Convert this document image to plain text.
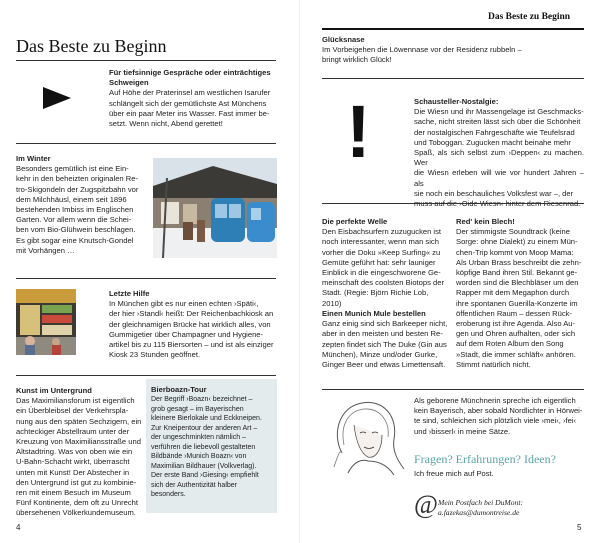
Das Beste zu Beginn
Für tiefsinnige Gespräche oder einträchtiges Schweigen
Auf Höhe der Praterinsel am westlichen Isarufer
schlängelt sich der gemütlichste Ast Münchens
über ein paar Meter ins Wasser. Fast immer be-
setzt. Wenn nicht, Abend gerettet!
Im Winter
Besonders gemütlich ist eine Ein-
kehr in den beheizten originalen Re-
tro-Skigondeln der Zugspitzbahn vor
dem Milchhäusl, einem seit 1896
bestehenden Imbiss im Englischen
Garten. Vor allem wenn die Schei-
ben vom Bio-Glühwein beschlagen.
Es gibt sogar eine Knutsch-Gondel
mit Vorhängen …
Letzte Hilfe
In München gibt es nur einen echten ›Späti‹,
der hier ›Standl‹ heißt: Der Reichenbachkiosk an
der gleichnamigen Brücke hat wirklich alles, von
Gummigetier über Champagner und Hygiene-
artikel bis zu 115 Biersorten – und ist als einziger
Kiosk 23 Stunden geöffnet.
Kunst im Untergrund
Das Maximiliansforum ist eigentlich
ein Überbleibsel der Verkehrspla-
nung aus den späten Sechzigern, ein
achteckiger Abstellraum unter der
Kreuzung von Maximiliansstraße und
Altstadtring. Was von oben wie ein
U-Bahn-Schacht wirkt, überrascht
unten mit Kunst! Der Abstecher in
den Untergrund ist gut zu kombinie-
ren mit einem Besuch im Museum
Fünf Kontinente, dem oft zu Unrecht
übersehenen Völkerkundemuseum.
Bierboazn-Tour
Der Begriff ›Boazn‹ bezeichnet –
grob gesagt – im Bayerischen
kleinere Bierlokale und Eckkneipen.
Zur Kneipentour der anderen Art –
der ungeschminkten nämlich –
verführen die liebevoll gestalteten
Bildbände ›Munich Boazn‹ von
Maximilian Bildhauer (Volkverlag).
Der erste Band ›Giesing‹ empfiehlt
sich der Authentizität halber
besonders.
4
Das Beste zu Beginn
Glücksnase
Im Vorbeigehen die Löwennase vor der Residenz rubbeln –
bringt wirklich Glück!
!	Schausteller-Nostalgie:
Die Wiesn und ihr Massengelage ist Geschmacks-
sache, nicht streiten lässt sich über die Schönheit
der nostalgischen Fahrgeschäfte wie Teufelsrad
und Toboggan. Zugucken macht beinahe mehr
Spaß, als sich selbst zum ›Deppen‹ zu machen. Wer
die Wiesn erleben will wie vor hundert Jahren – als
sie noch ein beschauliches Volksfest war –, der
muss auf die ›Oide Wiesn‹ hinter dem Riesenrad.
Die perfekte Welle
Den Eisbachsurfern zuzugucken ist
noch interessanter, wenn man sich
vorher die Doku »Keep Surfing« zu
Gemüte geführt hat: sehr launiger
Einblick in die eingeschworene Ge-
meinschaft des coolsten Biotops der
Stadt. (Regie: Björn Richie Lob, 2010)
Einen Munich Mule bestellen
Ganz einig sind sich Barkeeper nicht,
aber in den meisten und besten Re-
zepten findet sich The Duke (Gin aus
München), Minze und/oder Gurke,
Ginger Beer und etwas Limettensaft.
Red' kein Blech!
Der stimmigste Soundtrack (keine
Sorge: ohne Dialekt) zu einem Mün-
chen-Trip kommt von Moop Mama:
Als Urban Brass beschreibt die zehn-
köpfige Band ihren Stil. Bekannt ge-
worden sind die Blechbläser um den
Rapper mit dem Megaphon durch
ihre spontanen Guerilla-Konzerte im
öffentlichen Raum – dessen Rück-
eroberung ist ihre Agenda. Also Au-
gen und Ohren aufhalten, oder sich
auf dem Roten Album den Song
»Stadt, die immer schläft« anhören.
Stimmt natürlich nicht.
Als geborene Münchnerin spreche ich eigentlich
kein Bayerisch, aber sobald Nordlichter in Hörwei-
te sind, schleichen sich plötzlich viele ›mei‹, ›fei‹
und ›bisserl‹ in meine Sätze.
Fragen? Erfahrungen? Ideen?
Ich freue mich auf Post.
@ Mein Postfach bei DuMont:
a.fazekas@dumontreise.de
5
